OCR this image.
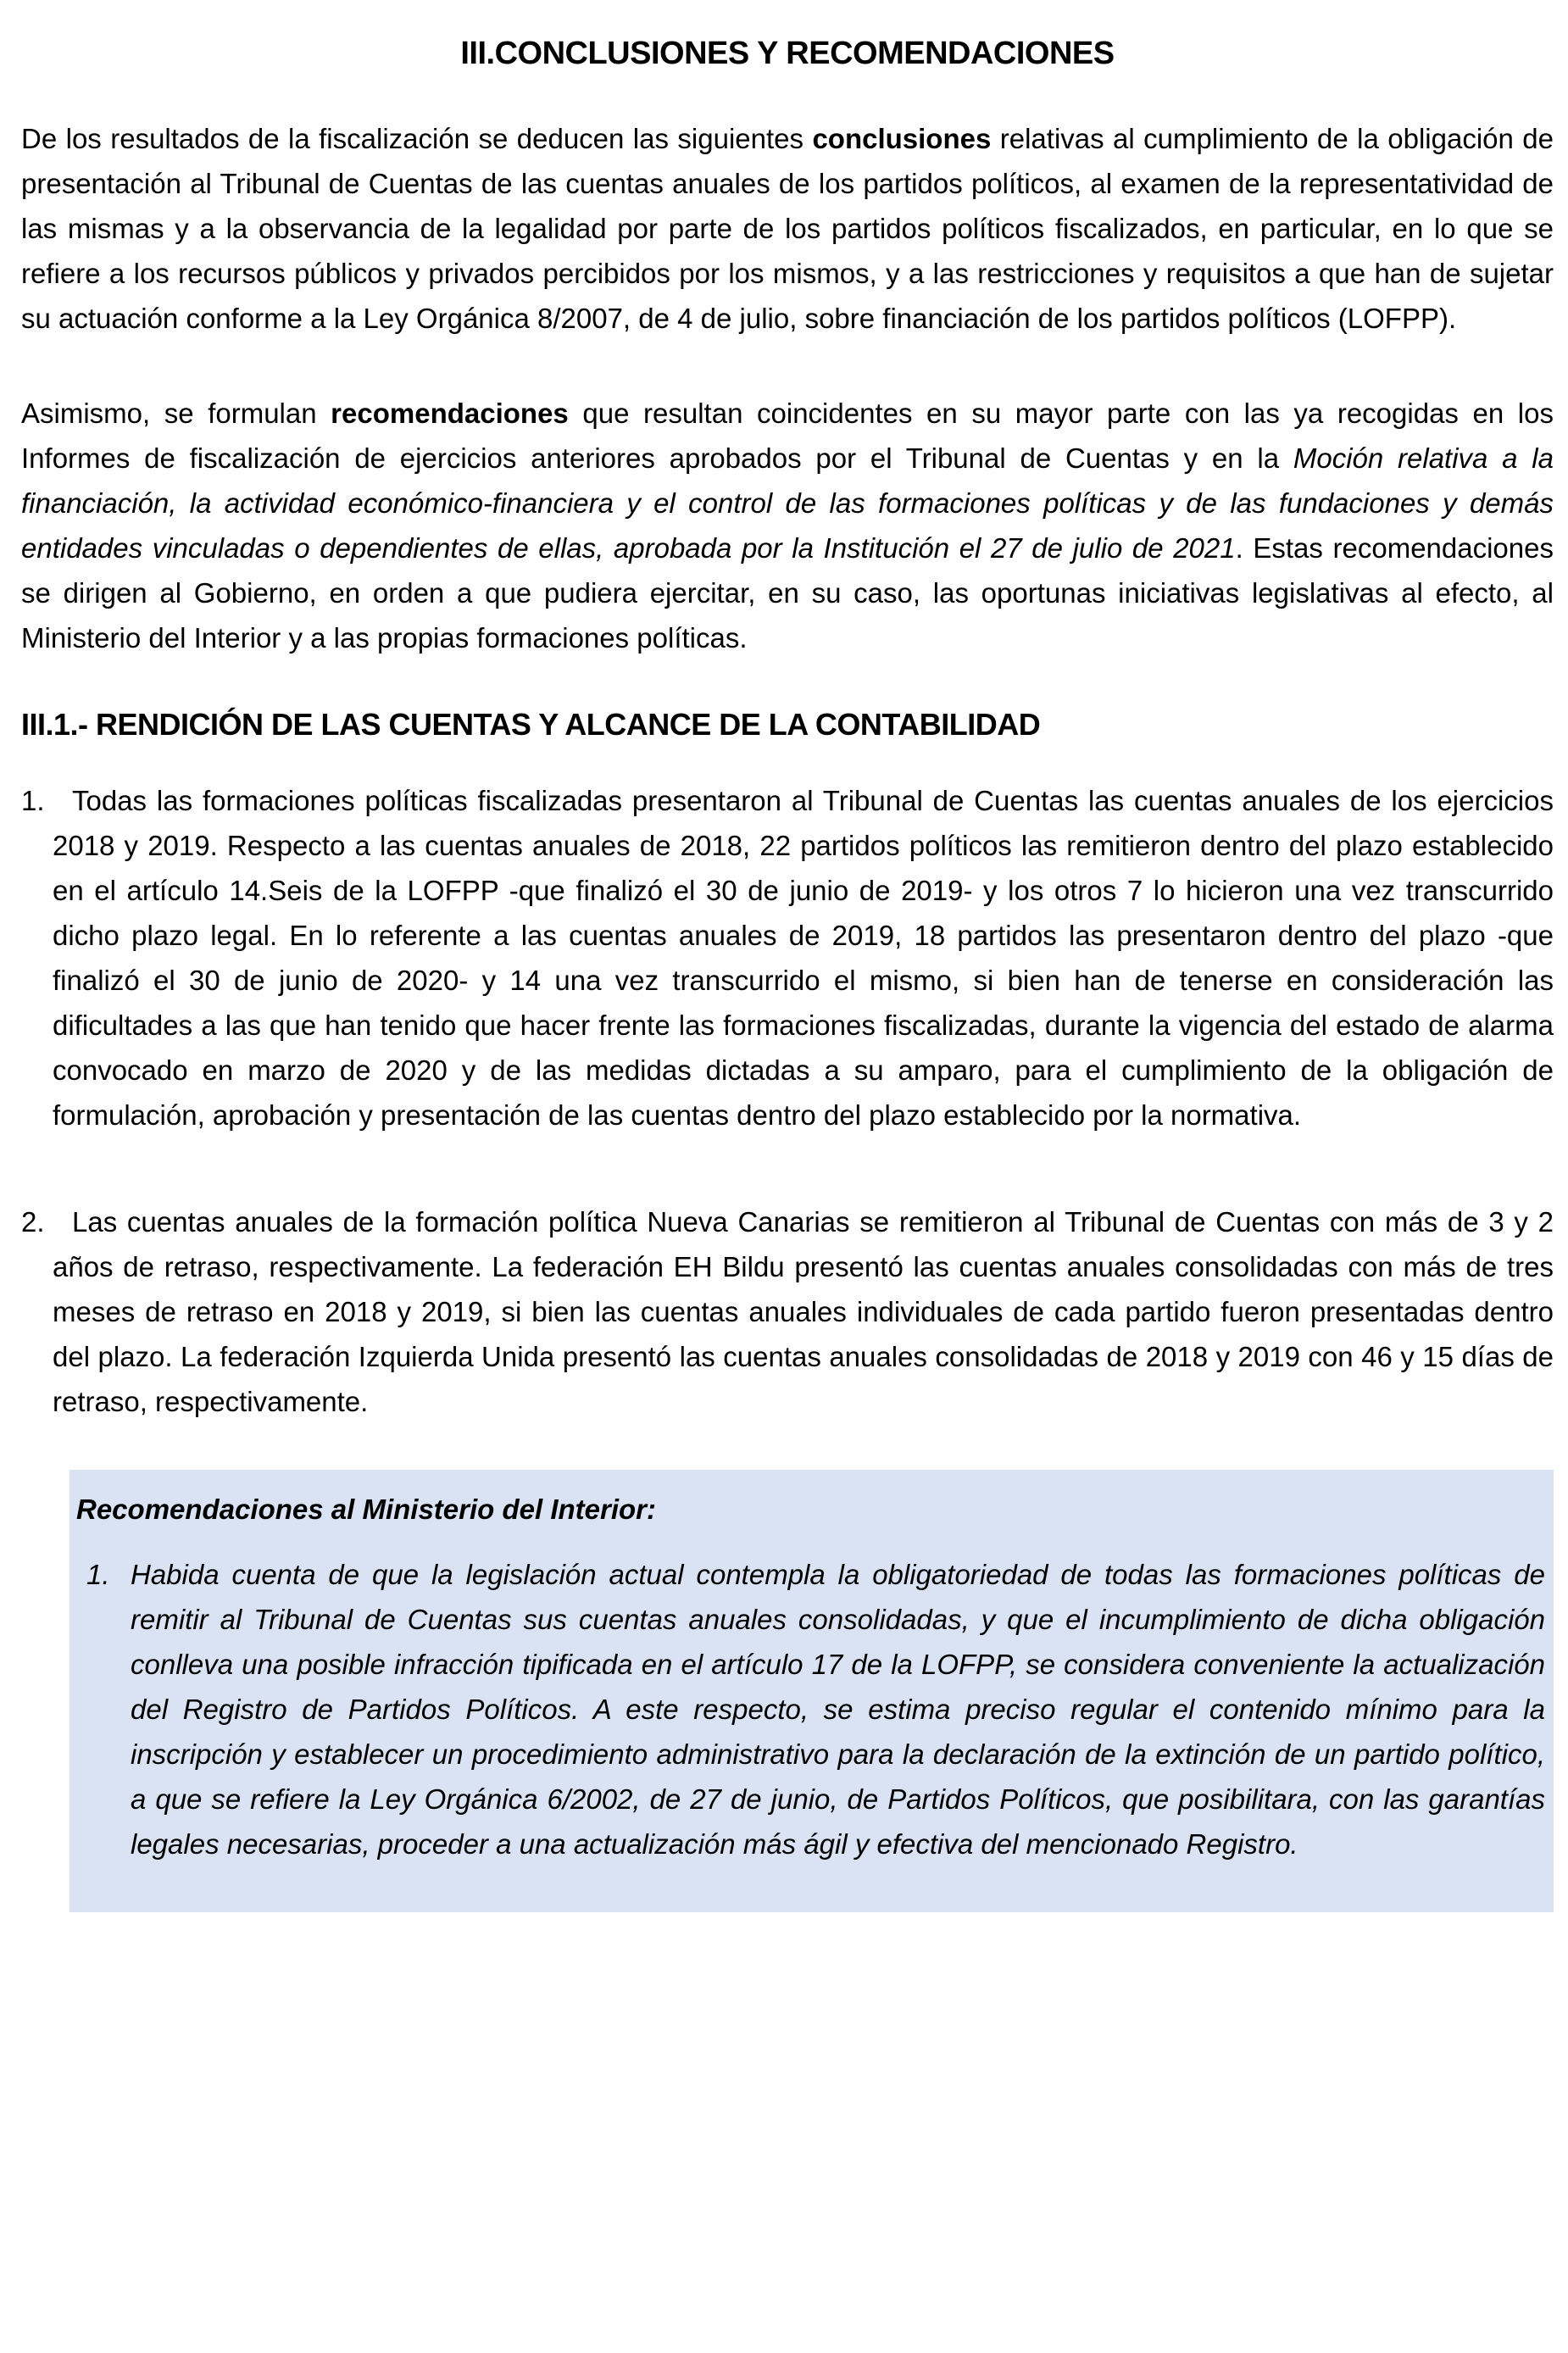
III.CONCLUSIONES Y RECOMENDACIONES

De los resultados de la fiscalización se deducen las siguientes conclusiones relativas al cumplimiento de la obligación de presentación al Tribunal de Cuentas de las cuentas anuales de los partidos políticos, al examen de la representatividad de las mismas y a la observancia de la legalidad por parte de los partidos políticos fiscalizados, en particular, en lo que se refiere a los recursos públicos y privados percibidos por los mismos, y a las restricciones y requisitos a que han de sujetar su actuación conforme a la Ley Orgánica 8/2007, de 4 de julio, sobre financiación de los partidos políticos (LOFPP).

Asimismo, se formulan recomendaciones que resultan coincidentes en su mayor parte con las ya recogidas en los Informes de fiscalización de ejercicios anteriores aprobados por el Tribunal de Cuentas y en la Moción relativa a la financiación, la actividad económico-financiera y el control de las formaciones políticas y de las fundaciones y demás entidades vinculadas o dependientes de ellas, aprobada por la Institución el 27 de julio de 2021. Estas recomendaciones se dirigen al Gobierno, en orden a que pudiera ejercitar, en su caso, las oportunas iniciativas legislativas al efecto, al Ministerio del Interior y a las propias formaciones políticas.

III.1.- RENDICIÓN DE LAS CUENTAS Y ALCANCE DE LA CONTABILIDAD
1. Todas las formaciones políticas fiscalizadas presentaron al Tribunal de Cuentas las cuentas anuales de los ejercicios 2018 y 2019. Respecto a las cuentas anuales de 2018, 22 partidos políticos las remitieron dentro del plazo establecido en el artículo 14.Seis de la LOFPP -que finalizó el 30 de junio de 2019- y los otros 7 lo hicieron una vez transcurrido dicho plazo legal. En lo referente a las cuentas anuales de 2019, 18 partidos las presentaron dentro del plazo -que finalizó el 30 de junio de 2020- y 14 una vez transcurrido el mismo, si bien han de tenerse en consideración las dificultades a las que han tenido que hacer frente las formaciones fiscalizadas, durante la vigencia del estado de alarma convocado en marzo de 2020 y de las medidas dictadas a su amparo, para el cumplimiento de la obligación de formulación, aprobación y presentación de las cuentas dentro del plazo establecido por la normativa.
2. Las cuentas anuales de la formación política Nueva Canarias se remitieron al Tribunal de Cuentas con más de 3 y 2 años de retraso, respectivamente. La federación EH Bildu presentó las cuentas anuales consolidadas con más de tres meses de retraso en 2018 y 2019, si bien las cuentas anuales individuales de cada partido fueron presentadas dentro del plazo. La federación Izquierda Unida presentó las cuentas anuales consolidadas de 2018 y 2019 con 46 y 15 días de retraso, respectivamente.
Recomendaciones al Ministerio del Interior:
1. Habida cuenta de que la legislación actual contempla la obligatoriedad de todas las formaciones políticas de remitir al Tribunal de Cuentas sus cuentas anuales consolidadas, y que el incumplimiento de dicha obligación conlleva una posible infracción tipificada en el artículo 17 de la LOFPP, se considera conveniente la actualización del Registro de Partidos Políticos. A este respecto, se estima preciso regular el contenido mínimo para la inscripción y establecer un procedimiento administrativo para la declaración de la extinción de un partido político, a que se refiere la Ley Orgánica 6/2002, de 27 de junio, de Partidos Políticos, que posibilitara, con las garantías legales necesarias, proceder a una actualización más ágil y efectiva del mencionado Registro.
